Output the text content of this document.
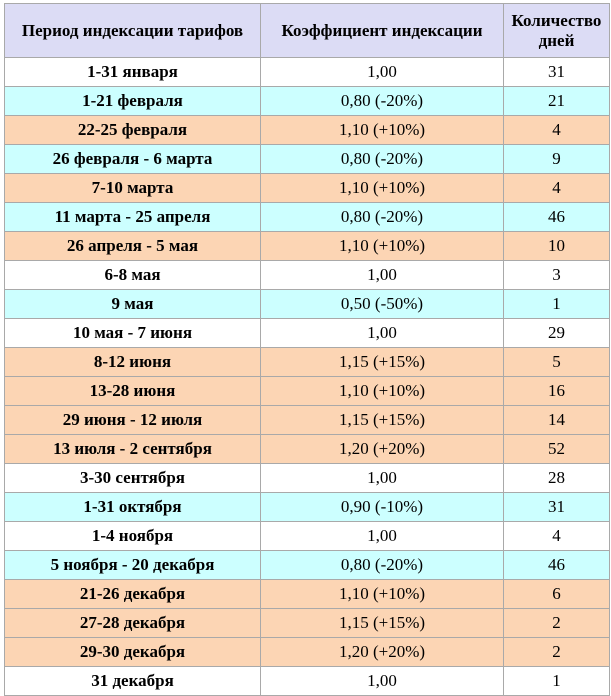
Период индексации тарифов	Коэффициент индексации	Количество дней
1-31 января	1,00	31
1-21 февраля	0,80 (-20%)	21
22-25 февраля	1,10 (+10%)	4
26 февраля - 6 марта	0,80 (-20%)	9
7-10 марта	1,10 (+10%)	4
11 марта - 25 апреля	0,80 (-20%)	46
26 апреля - 5 мая	1,10 (+10%)	10
6-8 мая	1,00	3
9 мая	0,50 (-50%)	1
10 мая - 7 июня	1,00	29
8-12 июня	1,15 (+15%)	5
13-28 июня	1,10 (+10%)	16
29 июня - 12 июля	1,15 (+15%)	14
13 июля - 2 сентября	1,20 (+20%)	52
3-30 сентября	1,00	28
1-31 октября	0,90 (-10%)	31
1-4 ноября	1,00	4
5 ноября - 20 декабря	0,80 (-20%)	46
21-26 декабря	1,10 (+10%)	6
27-28 декабря	1,15 (+15%)	2
29-30 декабря	1,20 (+20%)	2
31 декабря	1,00	1
